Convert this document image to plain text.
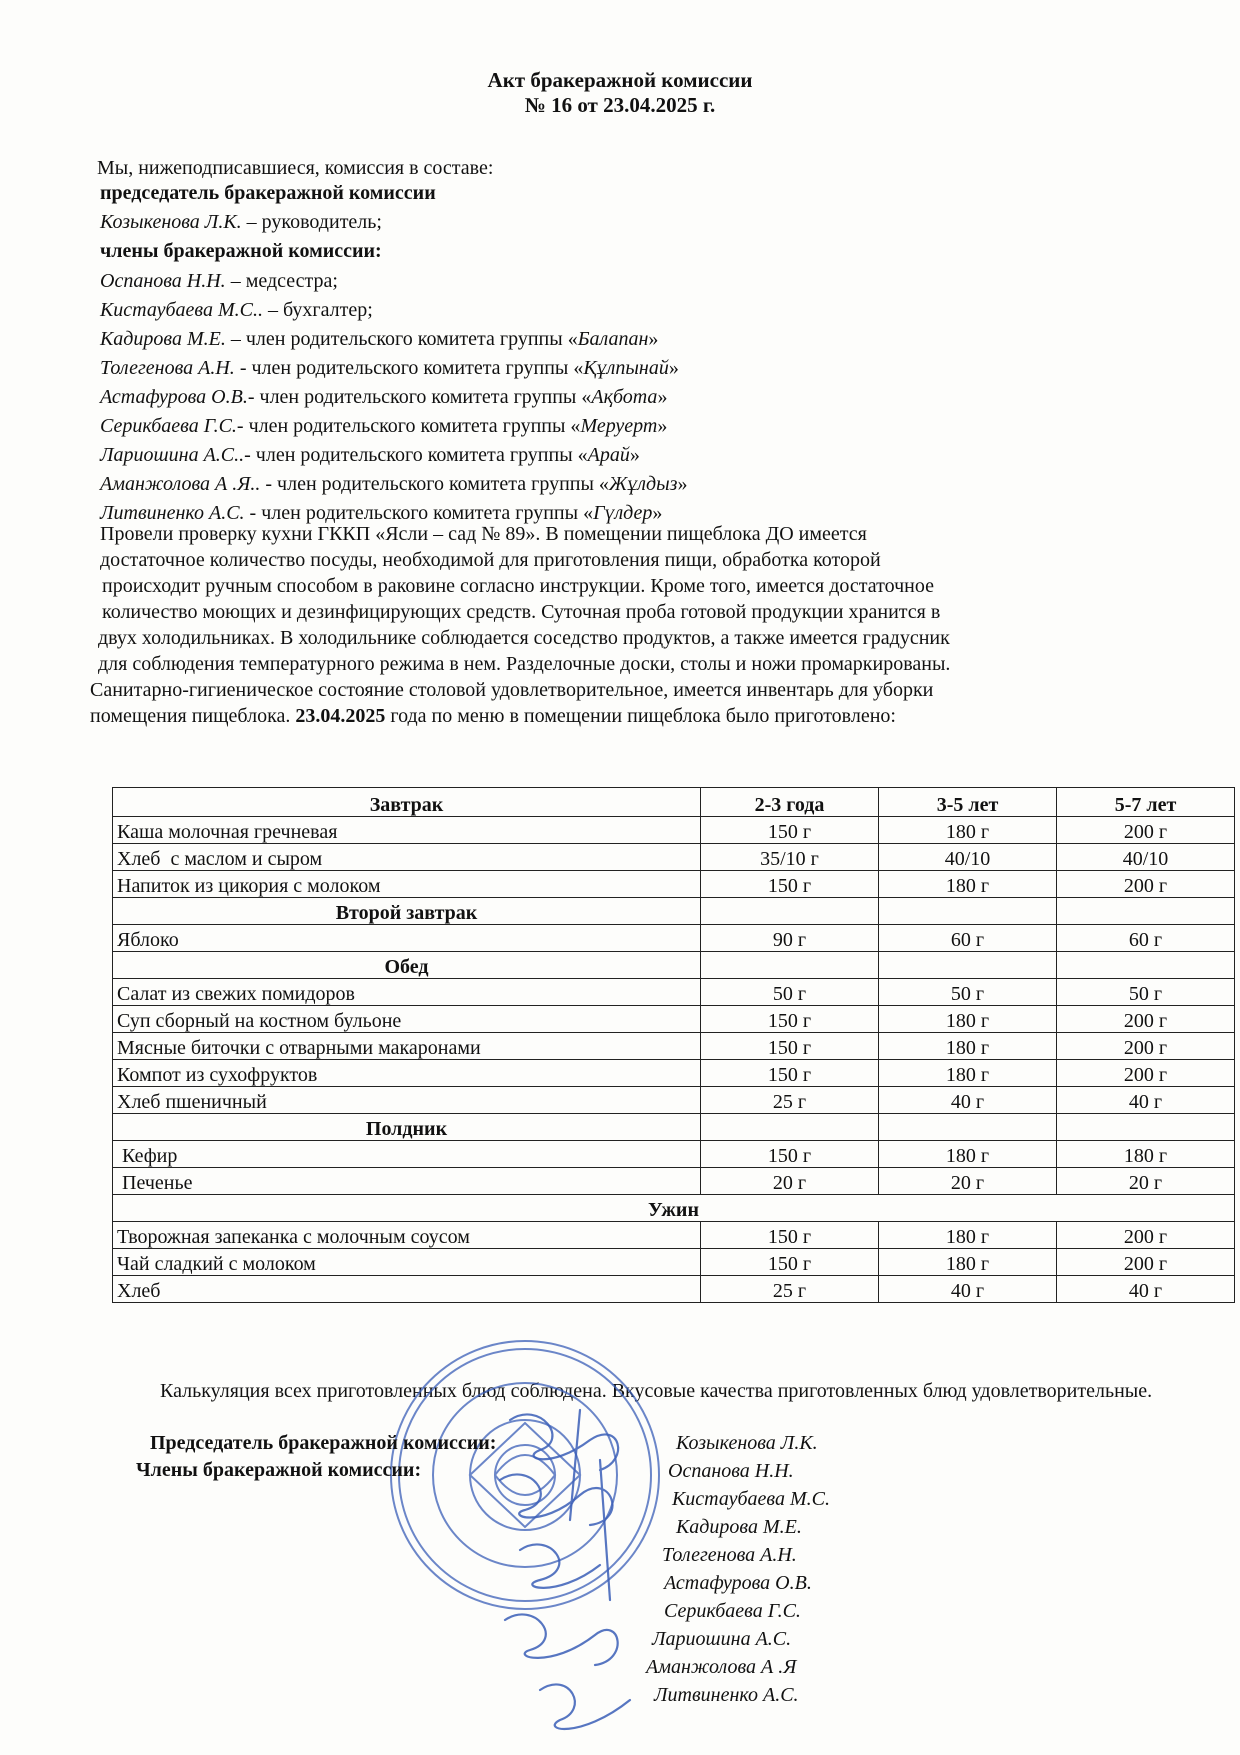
Акт бракеражной комиссии
№ 16 от 23.04.2025 г.
Мы, нижеподписавшиеся, комиссия в составе:
председатель бракеражной комиссии
Козыкенова Л.К. – руководитель;
члены бракеражной комиссии:
Оспанова Н.Н. – медсестра;
Кистаубаева М.С.. – бухгалтер;
Кадирова М.Е. – член родительского комитета группы «Балапан»
Толегенова А.Н. - член родительского комитета группы «Құлпынай»
Астафурова О.В.- член родительского комитета группы «Ақбота»
Серикбаева Г.С.- член родительского комитета группы «Меруерт»
Лариошина А.С..- член родительского комитета группы «Арай»
Аманжолова А .Я.. - член родительского комитета группы «Жұлдыз»
Литвиненко А.С. - член родительского комитета группы «Гүлдер»
Провели проверку кухни ГККП «Ясли – сад № 89». В помещении пищеблока ДО имеется
достаточное количество посуды, необходимой для приготовления пищи, обработка которой
происходит ручным способом в раковине согласно инструкции. Кроме того, имеется достаточное
количество моющих и дезинфицирующих средств. Суточная проба готовой продукции хранится в
двух холодильниках. В холодильнике соблюдается соседство продуктов, а также имеется градусник
для соблюдения температурного режима в нем. Разделочные доски, столы и ножи промаркированы.
Санитарно-гигиеническое состояние столовой удовлетворительное, имеется инвентарь для уборки
помещения пищеблока. 23.04.2025 года по меню в помещении пищеблока было приготовлено:
Завтрак	2-3 года	3-5 лет	5-7 лет
Каша молочная гречневая	150 г	180 г	200 г
Хлеб  с маслом и сыром	35/10 г	40/10	40/10
Напиток из цикория с молоком	150 г	180 г	200 г
Второй завтрак			
Яблоко	90 г	60 г	60 г
Обед			
Салат из свежих помидоров	50 г	50 г	50 г
Суп сборный на костном бульоне	150 г	180 г	200 г
Мясные биточки с отварными макаронами	150 г	180 г	200 г
Компот из сухофруктов	150 г	180 г	200 г
Хлеб пшеничный	25 г	40 г	40 г
Полдник			
Кефир	150 г	180 г	180 г
Печенье	20 г	20 г	20 г
Ужин			
Творожная запеканка с молочным соусом	150 г	180 г	200 г
Чай сладкий с молоком	150 г	180 г	200 г
Хлеб	25 г	40 г	40 г
Калькуляция всех приготовленных блюд соблюдена. Вкусовые качества приготовленных блюд удовлетворительные.
Председатель бракеражной комиссии:
Члены бракеражной комиссии:
Козыкенова Л.К.
Оспанова Н.Н.
Кистаубаева М.С.
Кадирова М.Е.
Толегенова А.Н.
Астафурова О.В.
Серикбаева Г.С.
Лариошина А.С.
Аманжолова А .Я
Литвиненко А.С.
